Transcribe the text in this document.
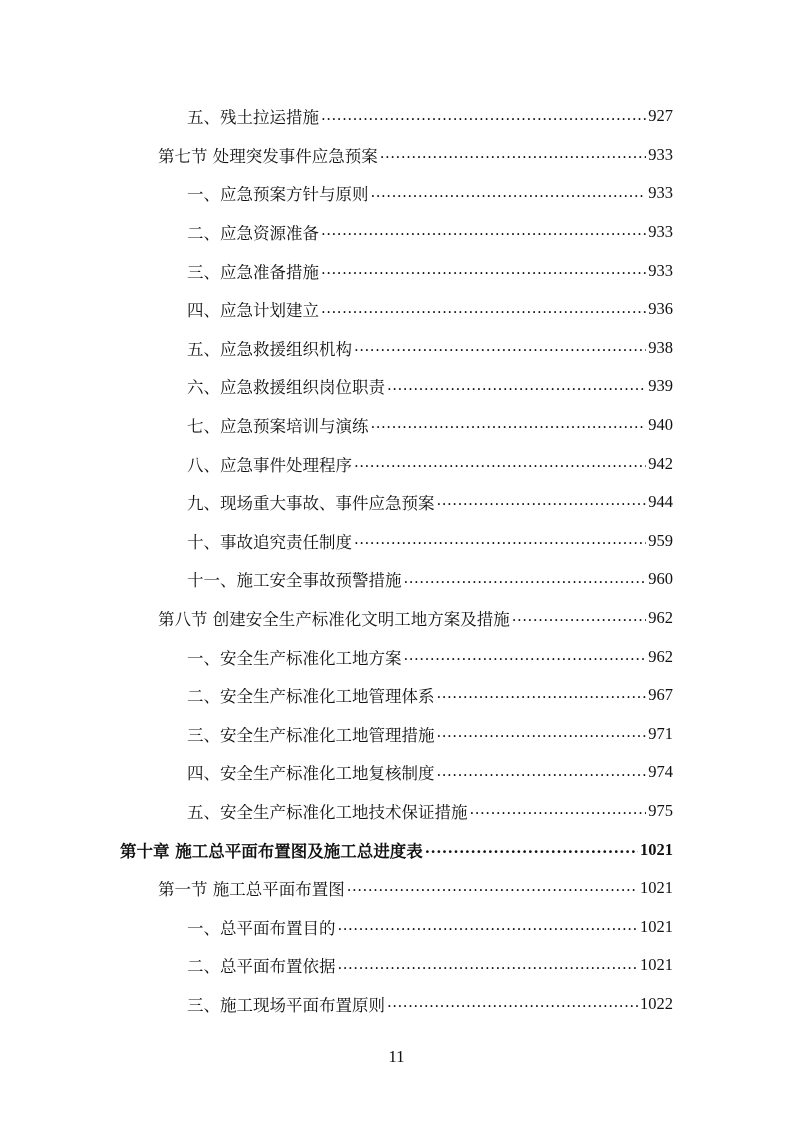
五、残土拉运措施 .....	927
第七节 处理突发事件应急预案 .....	933
一、应急预案方针与原则 .....	933
二、应急资源准备 .....	933
三、应急准备措施 .....	933
四、应急计划建立 .....	936
五、应急救援组织机构 .....	938
六、应急救援组织岗位职责 .....	939
七、应急预案培训与演练 .....	940
八、应急事件处理程序 .....	942
九、现场重大事故、事件应急预案 .....	944
十、事故追究责任制度 .....	959
十一、施工安全事故预警措施 .....	960
第八节 创建安全生产标准化文明工地方案及措施 .....	962
一、安全生产标准化工地方案 .....	962
二、安全生产标准化工地管理体系 .....	967
三、安全生产标准化工地管理措施 .....	971
四、安全生产标准化工地复核制度 .....	974
五、安全生产标准化工地技术保证措施 .....	975
第十章 施工总平面布置图及施工总进度表 .....	1021
第一节 施工总平面布置图 .....	1021
一、总平面布置目的 .....	1021
二、总平面布置依据 .....	1021
三、施工现场平面布置原则 .....	1022
11
